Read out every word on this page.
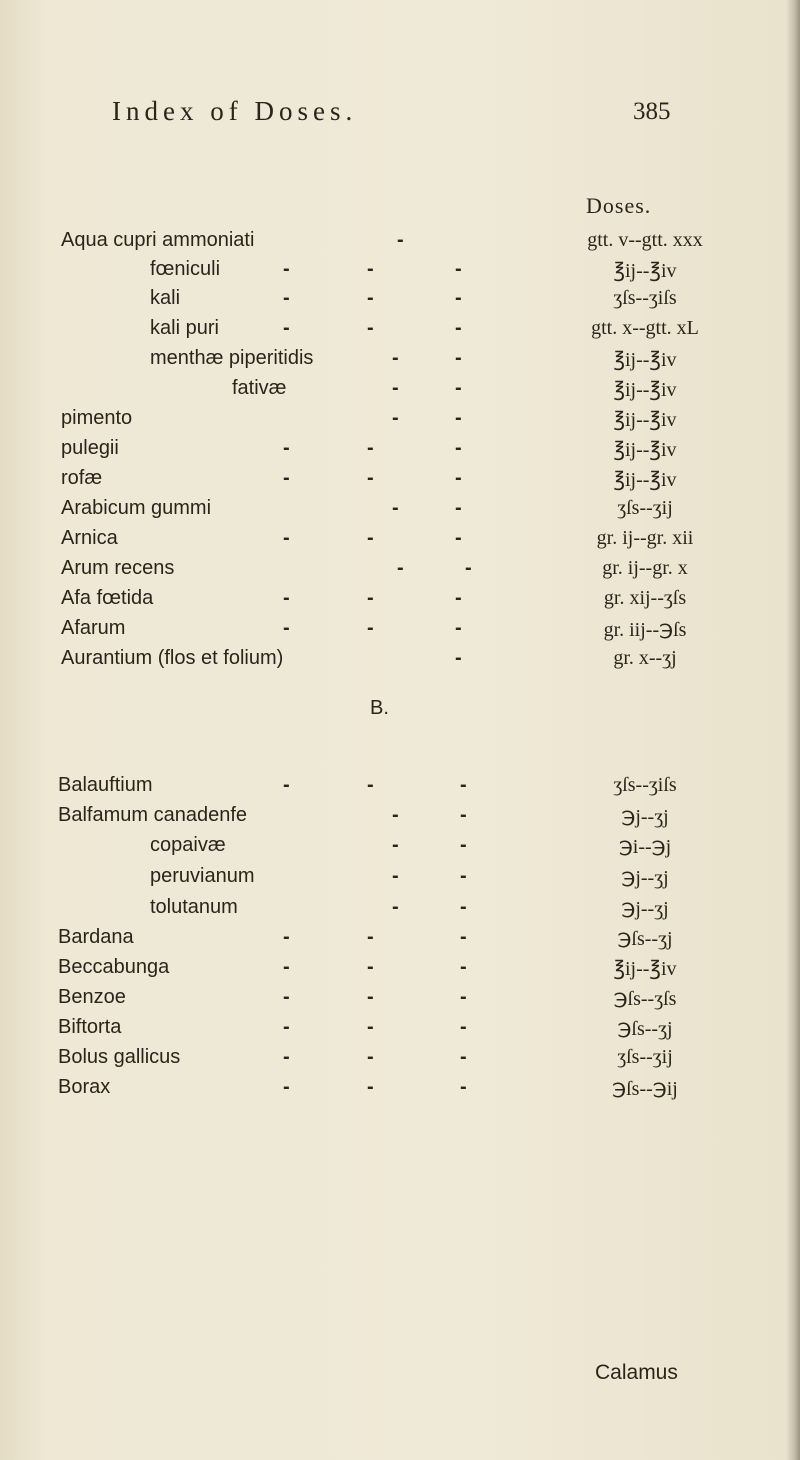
Index of Doses.	385
Doses.
Aqua cupri ammoniati	-	gtt. v--gtt. xxx
fœniculi	-	-	-	℥ij--℥iv
kali	-	-	-	ʒſs--ʒiſs
kali puri	-	-	-	gtt. x--gtt. xL
menthæ piperitidis	-	-	℥ij--℥iv
fativæ	-	-	℥ij--℥iv
pimento	-	-	℥ij--℥iv
pulegii	-	-	-	℥ij--℥iv
rofæ	-	-	-	℥ij--℥iv
Arabicum gummi	-	-	ʒſs--ʒij
Arnica	-	-	-	gr. ij--gr. xii
Arum recens	-	-	gr. ij--gr. x
Afa fœtida	-	-	-	gr. xij--ʒſs
Afarum	-	-	-	gr. iij--℈ſs
Aurantium (flos et folium)	-	gr. x--ʒj
B.
Balauftium	-	-	-	ʒſs--ʒiſs
Balfamum canadenfe	-	-	℈j--ʒj
copaivæ	-	-	℈i--℈j
peruvianum	-	-	℈j--ʒj
tolutanum	-	-	℈j--ʒj
Bardana	-	-	-	℈ſs--ʒj
Beccabunga	-	-	-	℥ij--℥iv
Benzoe	-	-	-	℈ſs--ʒſs
Biftorta	-	-	-	℈ſs--ʒj
Bolus gallicus	-	-	-	ʒſs--ʒij
Borax	-	-	-	℈ſs--℈ij
Calamus
